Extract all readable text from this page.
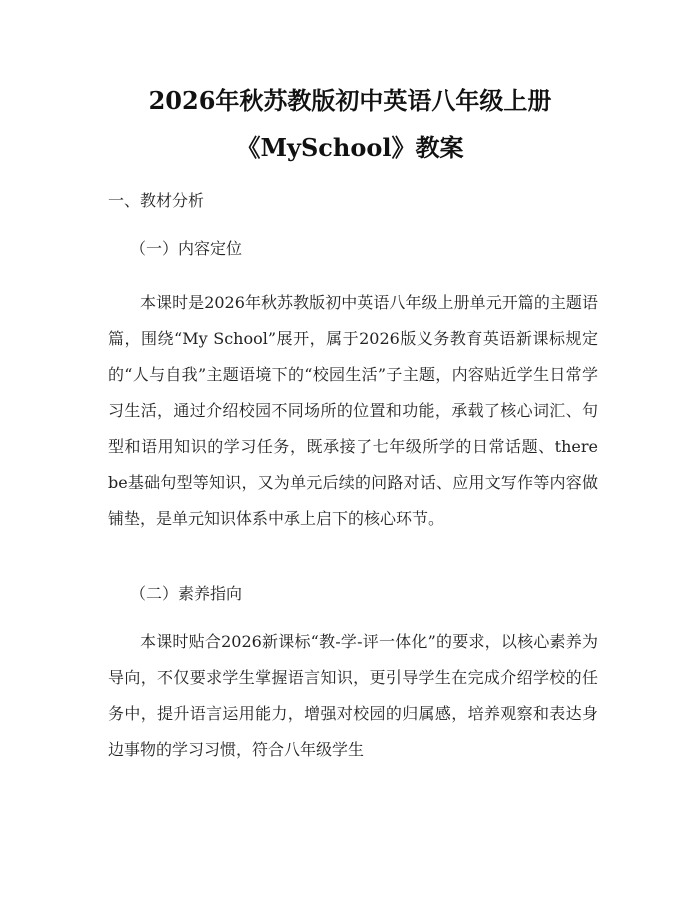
2026年秋苏教版初中英语八年级上册
《MySchool》教案
一、教材分析
（一）内容定位
本课时是2026年秋苏教版初中英语八年级上册单元开篇的主题语篇，围绕“My School”展开，属于2026版义务教育英语新课标规定的“人与自我”主题语境下的“校园生活”子主题，内容贴近学生日常学习生活，通过介绍校园不同场所的位置和功能，承载了核心词汇、句型和语用知识的学习任务，既承接了七年级所学的日常话题、there be基础句型等知识，又为单元后续的问路对话、应用文写作等内容做铺垫，是单元知识体系中承上启下的核心环节。
（二）素养指向
本课时贴合2026新课标“教-学-评一体化”的要求，以核心素养为导向，不仅要求学生掌握语言知识，更引导学生在完成介绍学校的任务中，提升语言运用能力，增强对校园的归属感，培养观察和表达身边事物的学习习惯，符合八年级学生
